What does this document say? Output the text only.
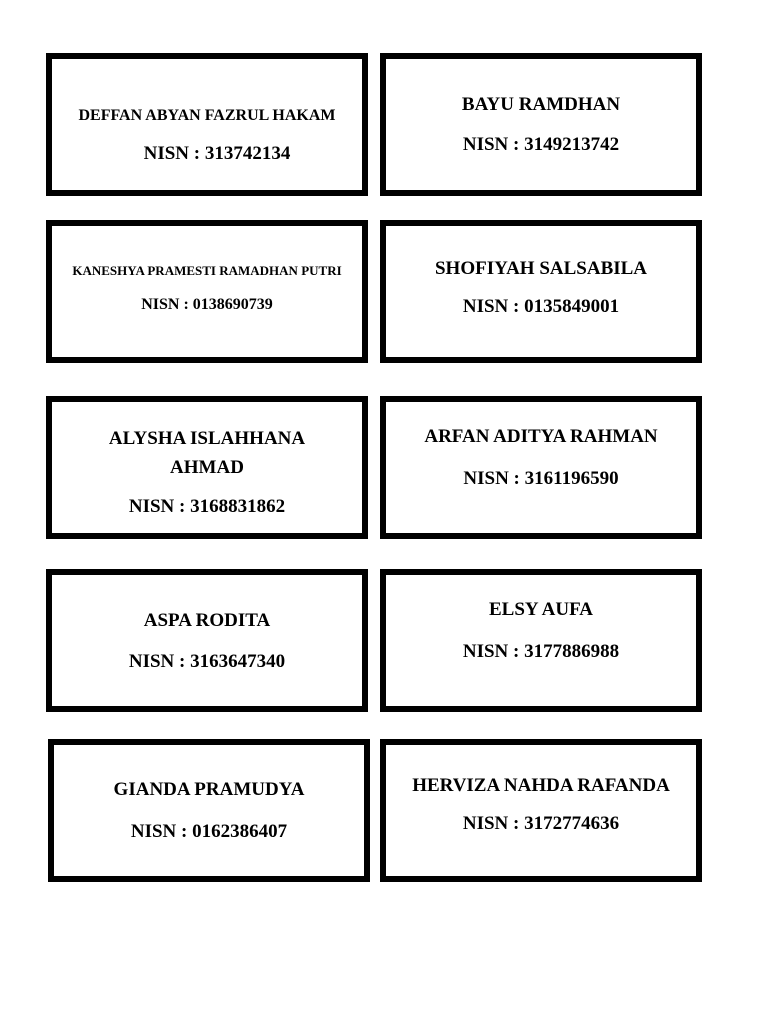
DEFFAN ABYAN FAZRUL HAKAM
NISN : 313742134
BAYU RAMDHAN
NISN : 3149213742
KANESHYA PRAMESTI RAMADHAN PUTRI
NISN : 0138690739
SHOFIYAH SALSABILA
NISN : 0135849001
ALYSHA ISLAHHANA AHMAD
NISN : 3168831862
ARFAN ADITYA RAHMAN
NISN : 3161196590
ASPA RODITA
NISN : 3163647340
ELSY AUFA
NISN : 3177886988
GIANDA PRAMUDYA
NISN : 0162386407
HERVIZA NAHDA RAFANDA
NISN : 3172774636
